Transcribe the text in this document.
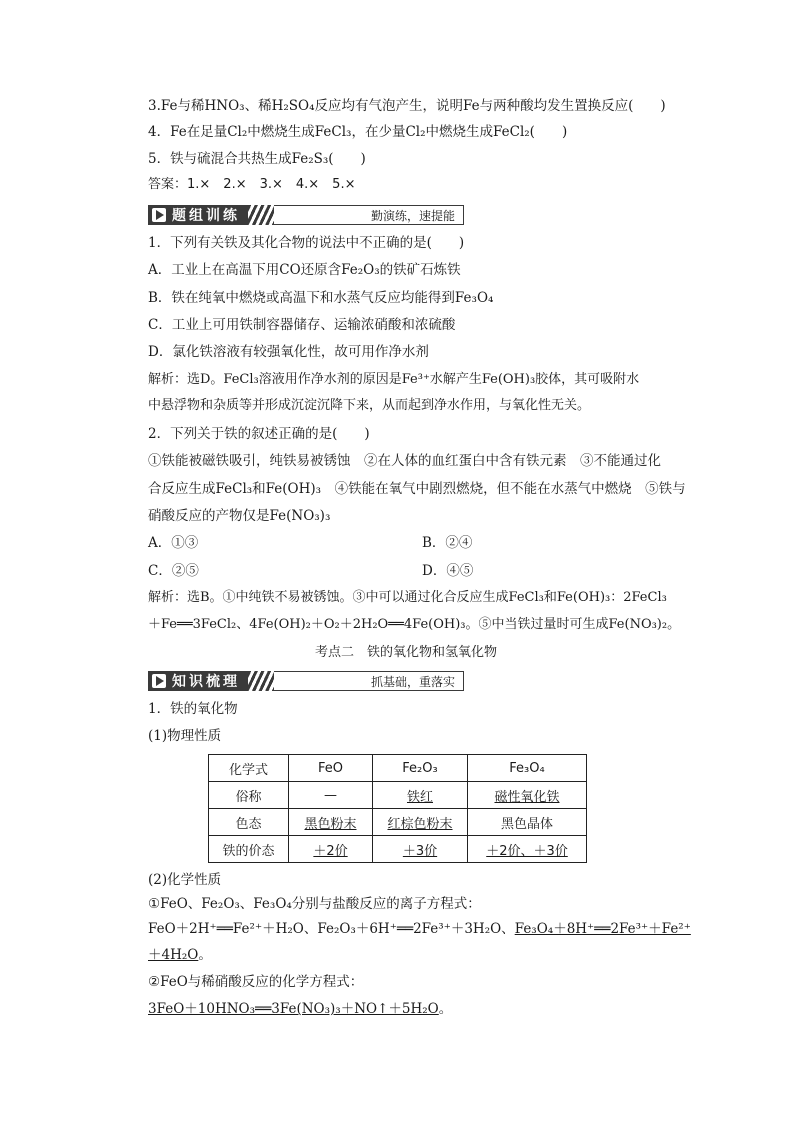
3.Fe与稀HNO₃、稀H₂SO₄反应均有气泡产生，说明Fe与两种酸均发生置换反应(　　)
4．Fe在足量Cl₂中燃烧生成FeCl₃，在少量Cl₂中燃烧生成FeCl₂(　　)
5．铁与硫混合共热生成Fe₂S₃(　　)
答案：1.×　2.×　3.×　4.×　5.×
题组训练	勤演练，速提能
1．下列有关铁及其化合物的说法中不正确的是(　　)
A．工业上在高温下用CO还原含Fe₂O₃的铁矿石炼铁
B．铁在纯氧中燃烧或高温下和水蒸气反应均能得到Fe₃O₄
C．工业上可用铁制容器储存、运输浓硝酸和浓硫酸
D．氯化铁溶液有较强氧化性，故可用作净水剂
解析：选D。FeCl₃溶液用作净水剂的原因是Fe³⁺水解产生Fe(OH)₃胶体，其可吸附水
中悬浮物和杂质等并形成沉淀沉降下来，从而起到净水作用，与氧化性无关。
2．下列关于铁的叙述正确的是(　　)
①铁能被磁铁吸引，纯铁易被锈蚀　②在人体的血红蛋白中含有铁元素　③不能通过化
合反应生成FeCl₃和Fe(OH)₃　④铁能在氧气中剧烈燃烧，但不能在水蒸气中燃烧　⑤铁与
硝酸反应的产物仅是Fe(NO₃)₃
A．①③	B．②④
C．②⑤	D．④⑤
解析：选B。①中纯铁不易被锈蚀。③中可以通过化合反应生成FeCl₃和Fe(OH)₃：2FeCl₃
＋Fe══3FeCl₂、4Fe(OH)₂＋O₂＋2H₂O══4Fe(OH)₃。⑤中当铁过量时可生成Fe(NO₃)₂。
考点二　铁的氧化物和氢氧化物
知识梳理	抓基础，重落实
1．铁的氧化物
(1)物理性质
化学式	FeO	Fe₂O₃	Fe₃O₄
俗称	—	铁红	磁性氧化铁
色态	黑色粉末	红棕色粉末	黑色晶体
铁的价态	＋2价	＋3价	＋2价、＋3价
(2)化学性质
①FeO、Fe₂O₃、Fe₃O₄分别与盐酸反应的离子方程式：
FeO＋2H⁺══Fe²⁺＋H₂O、Fe₂O₃＋6H⁺══2Fe³⁺＋3H₂O、Fe₃O₄＋8H⁺══2Fe³⁺＋Fe²⁺
＋4H₂O。
②FeO与稀硝酸反应的化学方程式：
3FeO＋10HNO₃══3Fe(NO₃)₃＋NO↑＋5H₂O。
